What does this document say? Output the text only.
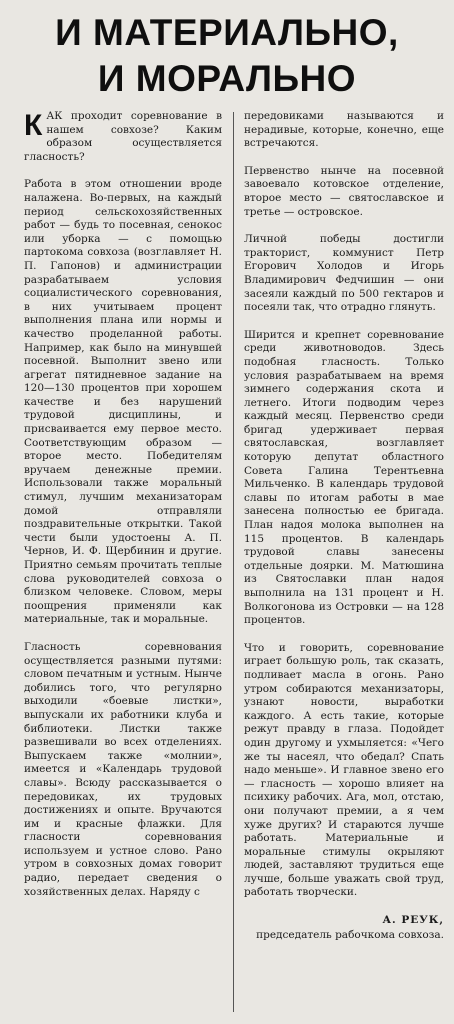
И МАТЕРИАЛЬНО,
И МОРАЛЬНО

К АК проходит соревнование в нашем совхозе? Каким образом осуществляется гласность?

Работа в этом отношении вроде налажена. Во-первых, на каждый период сельскохозяйственных работ — будь то посевная, сенокос или уборка — с помощью партокома совхоза (возглавляет Н. П. Гапонов) и администрации разрабатываем условия социалистического соревнования, в них учитываем процент выполнения плана или нормы и качество проделанной работы. Например, как было на минувшей посевной. Выполнит звено или агрегат пятидневное задание на 120—130 процентов при хорошем качестве и без нарушений трудовой дисциплины, и присваивается ему первое место. Соответствующим образом — второе место. Победителям вручаем денежные премии. Использовали также моральный стимул, лучшим механизаторам домой отправляли поздравительные открытки. Такой чести были удостоены А. П. Чернов, И. Ф. Щербинин и другие. Приятно семьям прочитать теплые слова руководителей совхоза о близком человеке. Словом, меры поощрения применяли как материальные, так и моральные.

Гласность соревнования осуществляется разными путями: словом печатным и устным. Нынче добились того, что регулярно выходили «боевые листки», выпускали их работники клуба и библиотеки. Листки также развешивали во всех отделениях. Выпускаем также «молнии», имеется и «Календарь трудовой славы». Всюду рассказывается о передовиках, их трудовых достижениях и опыте. Вручаются им и красные флажки. Для гласности соревнования используем и устное слово. Рано утром в совхозных домах говорит радио, передает сведения о хозяйственных делах. Наряду с

передовиками называются и нерадивые, которые, конечно, еще встречаются.

Первенство нынче на посевной завоевало котовское отделение, второе место — святославское и третье — островское.

Личной победы достигли тракторист, коммунист Петр Егорович Холодов и Игорь Владимирович Федчишин — они засеяли каждый по 500 гектаров и посеяли так, что отрадно глянуть.

Ширится и крепнет соревнование среди животноводов. Здесь подобная гласность. Только условия разрабатываем на время зимнего содержания скота и летнего. Итоги подводим через каждый месяц. Первенство среди бригад удерживает первая святославская, возглавляет которую депутат областного Совета Галина Терентьевна Мильченко. В календарь трудовой славы по итогам работы в мае занесена полностью ее бригада. План надоя молока выполнен на 115 процентов. В календарь трудовой славы занесены отдельные доярки. М. Матюшина из Святославки план надоя выполнила на 131 процент и Н. Волкогонова из Островки — на 128 процентов.

Что и говорить, соревнование играет большую роль, так сказать, подливает масла в огонь. Рано утром собираются механизаторы, узнают новости, выработки каждого. А есть такие, которые режут правду в глаза. Подойдет один другому и ухмыляется: «Чего же ты насеял, что обедал? Спать надо меньше». И главное звено его — гласность — хорошо влияет на психику рабочих. Ага, мол, отстаю, они получают премии, а я чем хуже других? И стараются лучше работать. Материальные и моральные стимулы окрыляют людей, заставляют трудиться еще лучше, больше уважать свой труд, работать творчески.

А. РЕУК,
председатель рабочкома совхоза.
